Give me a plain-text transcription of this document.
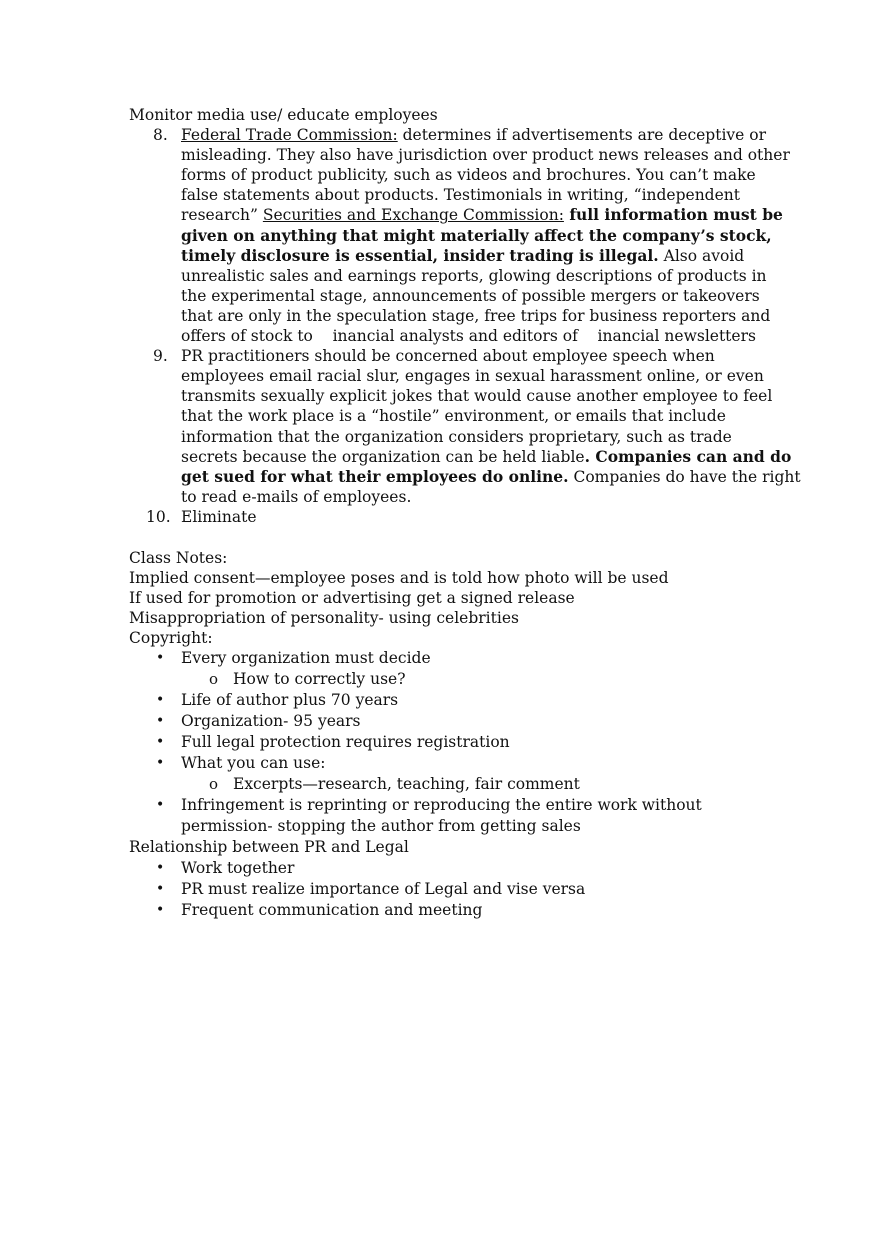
Monitor media use/ educate employees

8. Federal Trade Commission: determines if advertisements are deceptive or
misleading. They also have jurisdiction over product news releases and other
forms of product publicity, such as videos and brochures. You can’t make
false statements about products. Testimonials in writing, “independent
research” Securities and Exchange Commission: full information must be
given on anything that might materially affect the company’s stock,
timely disclosure is essential, insider trading is illegal. Also avoid
unrealistic sales and earnings reports, glowing descriptions of products in
the experimental stage, announcements of possible mergers or takeovers
that are only in the speculation stage, free trips for business reporters and
offers of stock to    inancial analysts and editors of    inancial newsletters
9. PR practitioners should be concerned about employee speech when
employees email racial slur, engages in sexual harassment online, or even
transmits sexually explicit jokes that would cause another employee to feel
that the work place is a “hostile” environment, or emails that include
information that the organization considers proprietary, such as trade
secrets because the organization can be held liable. Companies can and do
get sued for what their employees do online. Companies do have the right
to read e-mails of employees.
10. Eliminate

Class Notes:

Implied consent—employee poses and is told how photo will be used

If used for promotion or advertising get a signed release

Misappropriation of personality- using celebrities

Copyright:

• Every organization must decide
o How to correctly use?
• Life of author plus 70 years
• Organization- 95 years
• Full legal protection requires registration
• What you can use:
o Excerpts—research, teaching, fair comment
• Infringement is reprinting or reproducing the entire work without
permission- stopping the author from getting sales

Relationship between PR and Legal

• Work together
• PR must realize importance of Legal and vise versa
• Frequent communication and meeting
